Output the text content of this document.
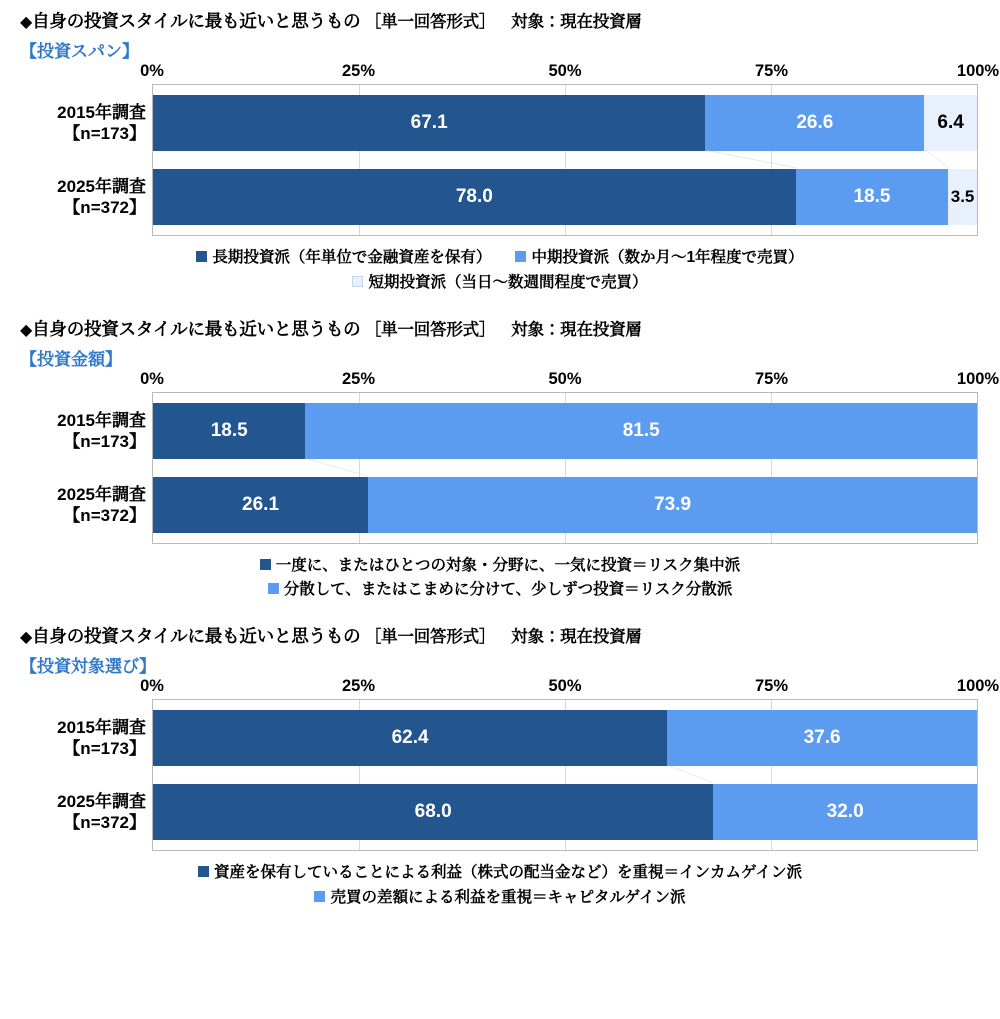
◆自身の投資スタイルに最も近いと思うもの ［単一回答形式］ 対象：現在投資層
【投資スパン】
0%	25%	50%	75%	100%
67.1	26.6	6.4
78.0	18.5	3.5
2015年調査
【n=173】
2025年調査
【n=372】
長期投資派（年単位で金融資産を保有）	中期投資派（数か月～1年程度で売買）
短期投資派（当日～数週間程度で売買）
◆自身の投資スタイルに最も近いと思うもの ［単一回答形式］ 対象：現在投資層
【投資金額】
0%	25%	50%	75%	100%
18.5	81.5
26.1	73.9
2015年調査
【n=173】
2025年調査
【n=372】
一度に、またはひとつの対象・分野に、一気に投資＝リスク集中派
分散して、またはこまめに分けて、少しずつ投資＝リスク分散派
◆自身の投資スタイルに最も近いと思うもの ［単一回答形式］ 対象：現在投資層
【投資対象選び】
0%	25%	50%	75%	100%
62.4	37.6
68.0	32.0
2015年調査
【n=173】
2025年調査
【n=372】
資産を保有していることによる利益（株式の配当金など）を重視＝インカムゲイン派
売買の差額による利益を重視＝キャピタルゲイン派
